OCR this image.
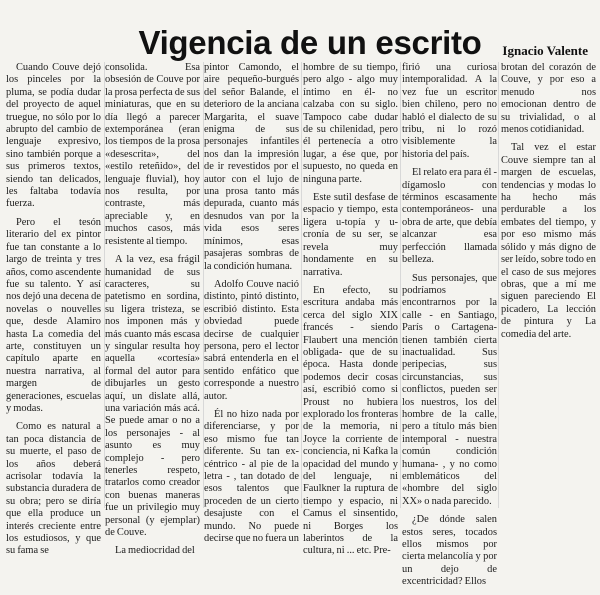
Vigencia de un escrito	Ignacio Valente

Cuando Couve dejó los pinceles por la pluma, se podía dudar del proyecto de aquel truegue, no sólo por lo abrupto del cambio de lenguaje expresivo, sino también porque a sus primeros textos, siendo tan delicados, les faltaba todavía fuerza.

Pero el tesón literario del ex pintor fue tan constante a lo largo de treinta y tres años, como ascendente fue su talento. Y así nos dejó una decena de novelas o nouvelles que, desde Alamiro hasta La comedia del arte, constituyen un capítulo aparte en nuestra narrativa, al margen de generaciones, escuelas y modas.

Como es natural a tan poca distancia de su muerte, el paso de los años deberá acrisolar todavía la substancia duradera de su obra; pero se diría que ella produce un interés creciente entre los estudiosos, y que su fama se

consolida. Esa obsesión de Couve por la prosa perfecta de sus miniaturas, que en su día llegó a parecer extemporánea (eran los tiempos de la prosa «desescrita», del «estilo reteñido», del lenguaje fluvial), hoy nos resulta, por contraste, más apreciable y, en muchos casos, más resistente al tiempo.

A la vez, esa frágil humanidad de sus caracteres, su patetismo en sordina, su ligera tristeza, se nos imponen más y más cuanto más escasa y singular resulta hoy aquella «cortesía» formal del autor para dibujarles un gesto aquí, un dislate allá, una variación más acá. Se puede amar o no a los personajes - al asunto es muy complejo - pero tenerles respeto, tratarlos como creador con buenas maneras fue un privilegio muy personal (y ejemplar) de Couve.

La mediocridad del

pintor Camondo, el aire pequeño-burgués del señor Balande, el deterioro de la anciana Margarita, el suave enigma de sus personajes infantiles nos dan la impresión de ir revestidos por el autor con el lujo de una prosa tanto más depurada, cuanto más desnudos van por la vida esos seres mínimos, esas pasajeras sombras de la condición humana.

Adolfo Couve nació distinto, pintó distinto, escribió distinto. Esta obviedad puede decirse de cualquier persona, pero el lector sabrá entenderla en el sentido enfático que corresponde a nuestro autor.

Él no hizo nada por diferenciarse, y por eso mismo fue tan diferente. Su tan ex-céntrico - al pie de la letra - , tan dotado de esos talentos que proceden de un cierto desajuste con el mundo. No puede decirse que no fuera un

hombre de su tiempo, pero algo - algo muy íntimo en él- no calzaba con su siglo. Tampoco cabe dudar de su chilenidad, pero él pertenecía a otro lugar, a ése que, por supuesto, no queda en ninguna parte.

Este sutil desfase de espacio y tiempo, esta ligera u-topía y u-cronía de su ser, se revela muy hondamente en su narrativa.

En efecto, su escritura andaba más cerca del siglo XIX francés - siendo Flaubert una mención obligada- que de su época. Hasta donde podemos decir cosas así, escribió como si Proust no hubiera explorado los fronteras de la memoria, ni Joyce la corriente de conciencia, ni Kafka la opacidad del mundo y del lenguaje, ni Faulkner la ruptura de tiempo y espacio, ni Camus el sinsentido, ni Borges los laberintos de la cultura, ni ... etc. Pre-

firió una curiosa intemporalidad. A la vez fue un escritor bien chileno, pero no habló el dialecto de su tribu, ni lo rozó visiblemente la historia del país.

El relato era para él - dígamoslo con términos escasamente contemporáneos- una obra de arte, que debía alcanzar esa perfección llamada belleza.

Sus personajes, que podríamos encontrarnos por la calle - en Santiago, París o Cartagena- tienen también cierta inactualidad. Sus peripecias, sus circunstancias, sus conflictos, pueden ser los nuestros, los del hombre de la calle, pero a título más bien intemporal - nuestra común condición humana- , y no como emblemáticos del «hombre del siglo XX» o nada parecido.

¿De dónde salen estos seres, tocados ellos mismos por cierta melancolía y por un dejo de excentricidad? Ellos

brotan del corazón de Couve, y por eso a menudo nos emocionan dentro de su trivialidad, o al menos cotidianidad.

Tal vez el estar Couve siempre tan al margen de escuelas, tendencias y modas lo ha hecho más perdurable a los embates del tiempo, y por eso mismo más sólido y más digno de ser leído, sobre todo en el caso de sus mejores obras, que a mí me siguen pareciendo El picadero, La lección de pintura y La comedia del arte.
